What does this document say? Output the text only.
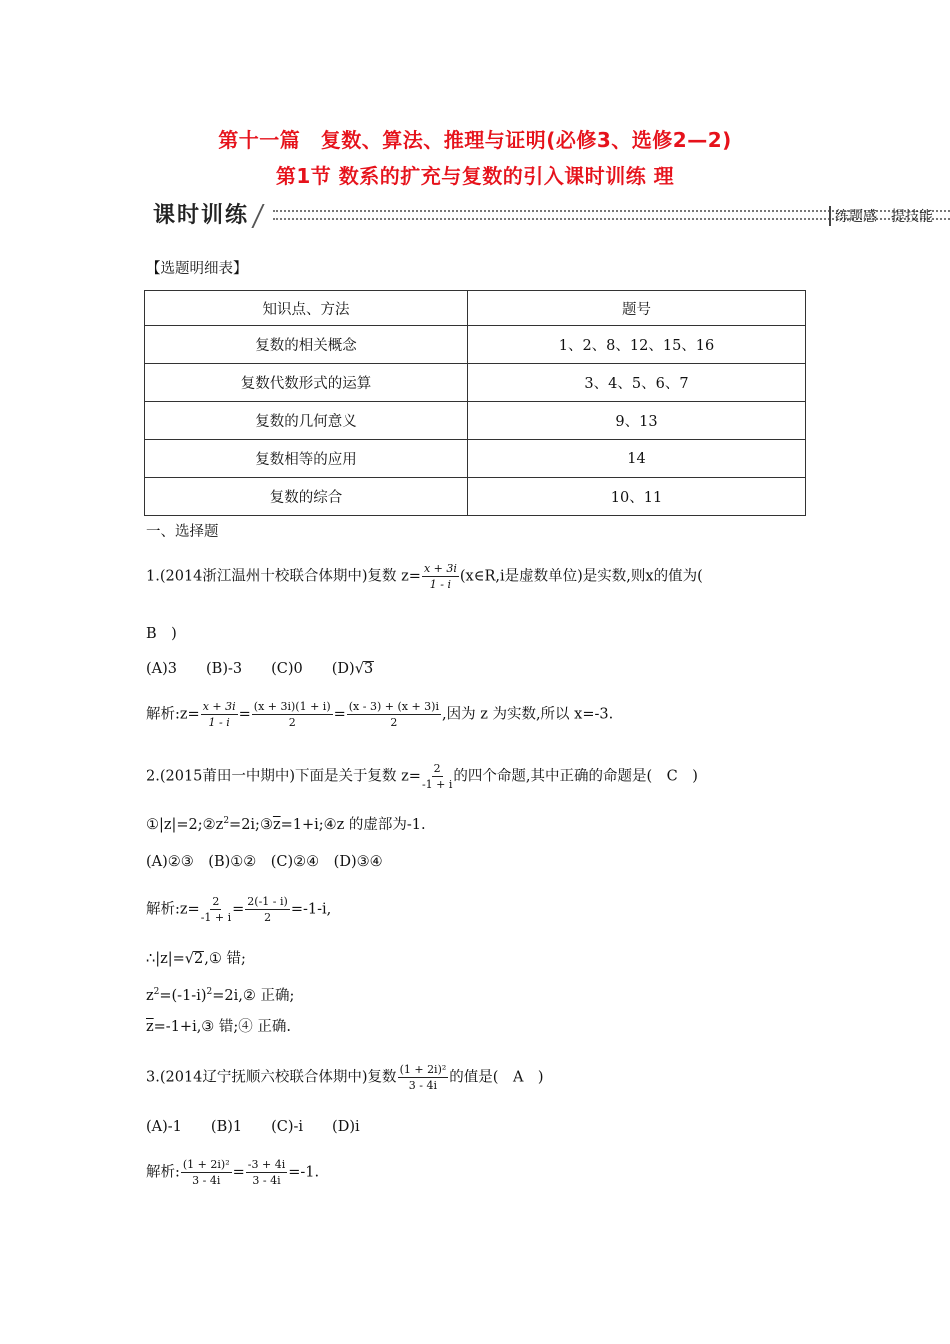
第十一篇　复数、算法、推理与证明(必修3、选修2—2)
第1节 数系的扩充与复数的引入课时训练 理
课时训练	练题感 提技能
【选题明细表】
知识点、方法	题号
复数的相关概念	1、2、8、12、15、16
复数代数形式的运算	3、4、5、6、7
复数的几何意义	9、13
复数相等的应用	14
复数的综合	10、11
一、选择题
1.(2014浙江温州十校联合体期中)复数 $z= \frac{x + 3i}{1 - i}$ (x∈R,i是虚数单位)是实数,则x的值为(
B　)
(A)3　　(B)-3　　(C)0　　(D)√3
解析:z= $\frac{x + 3i}{1 - i} = \frac{(x + 3i)(1 + i)}{2} = \frac{(x - 3) + (x + 3)i}{2}$ ,因为 z 为实数,所以 x=-3.
2.(2015莆田一中期中)下面是关于复数 $z= \frac{2}{-1 + i}$ 的四个命题,其中正确的命题是(　C　)
$①|z|=2;②z^2=2i;③\overline{z}=1+i;④z$ 的虚部为-1.
(A)②③　(B)①②　(C)②④　(D)③④
解析:z= $\frac{2}{-1 + i} = \frac{2(-1 - i)}{2} =-1-i$,
∴|z|=√2,① 错;
$z^2=(-1-i)^2=2i,②$ 正确;
$\overline{z}=-1+i,③$ 错;④ 正确.
3.(2014辽宁抚顺六校联合体期中)复数 $\frac{\text{(1 + 2i)²}}{3 - 4i}$ 的值是(　A　)
(A)-1　　(B)1　　(C)-i　　(D)i
解析: $\frac{\text{(1 + 2i)²}}{3 - 4i} = \frac{-3 + 4i}{3 - 4i} =-1$.
